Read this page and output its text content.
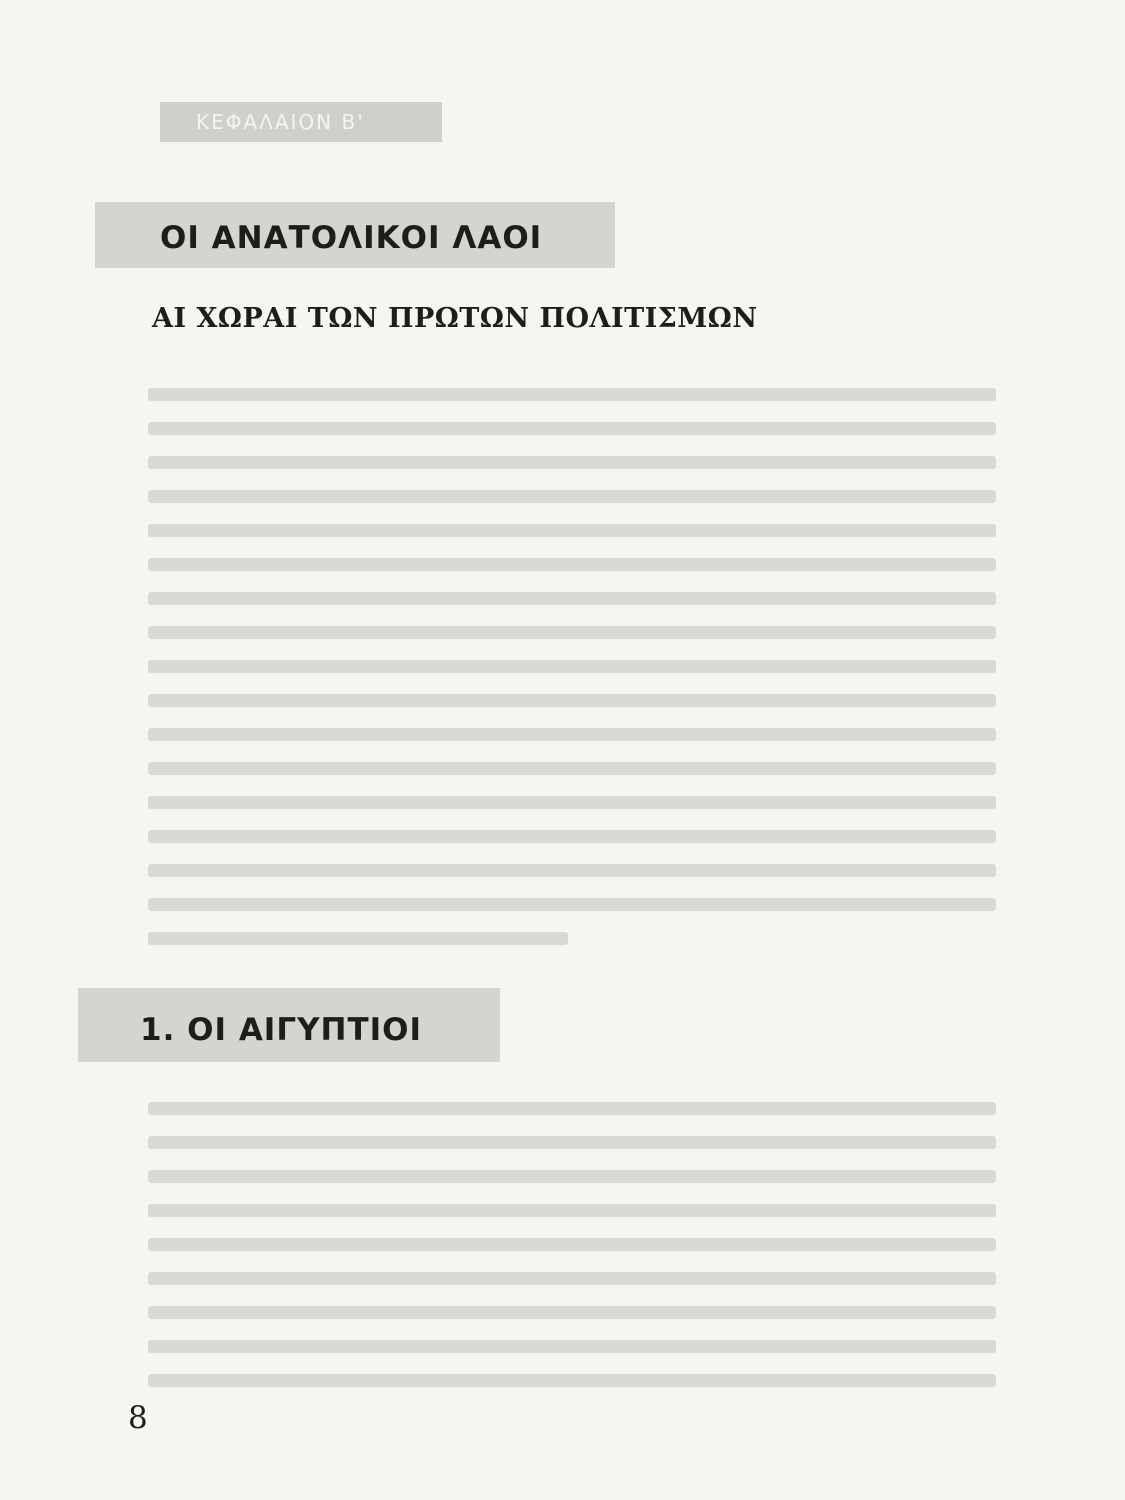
ΚΕΦΑΛΑΙΟΝ Β'
ΟΙ ΑΝΑΤΟΛΙΚΟΙ ΛΑΟΙ
ΑΙ ΧΩΡΑΙ ΤΩΝ ΠΡΩΤΩΝ ΠΟΛΙΤΙΣΜΩΝ
1. ΟΙ ΑΙΓΥΠΤΙΟΙ
8
